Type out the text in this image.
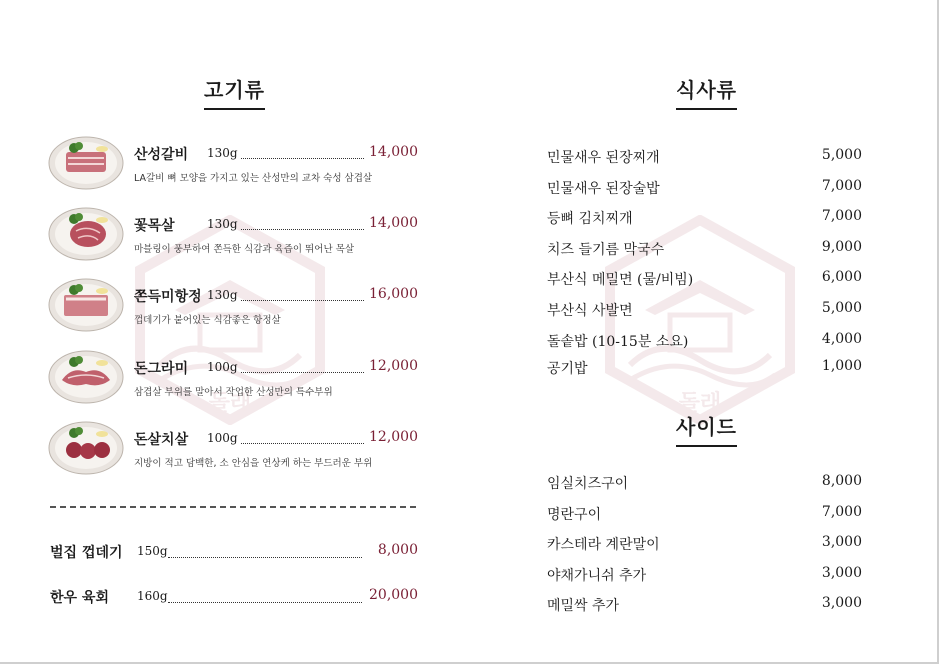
돌래	돌래
고기류	식사류
사이드
산성갈비 130g	14,000
LA갈비 뼈 모양을 가지고 있는 산성만의 교차 숙성 삼겹살
꽃목살	130g	14,000
마블링이 풍부하여 쫀득한 식감과 육즙이 뛰어난 목살
쫀득미항정 130g	16,000
껍데기가 붙어있는 식감좋은 항정살
돈그라미 100g	12,000
삼겹살 부위를 말아서 작업한 산성만의 특수부위
돈살치살 100g	12,000
지방이 적고 담백한, 소 안심을 연상케 하는 부드러운 부위
벌집 껍데기 150g	8,000
한우 육회 160g	20,000
민물새우 된장찌개	5,000
민물새우 된장술밥	7,000
등뼈 김치찌개	7,000
치즈 들기름 막국수	9,000
부산식 메밀면 (물/비빔)	6,000
부산식 사발면	5,000
돌솥밥 (10-15분 소요)	4,000
공기밥	1,000
임실치즈구이	8,000
명란구이	7,000
카스테라 계란말이	3,000
야채가니쉬 추가	3,000
메밀싹 추가	3,000
